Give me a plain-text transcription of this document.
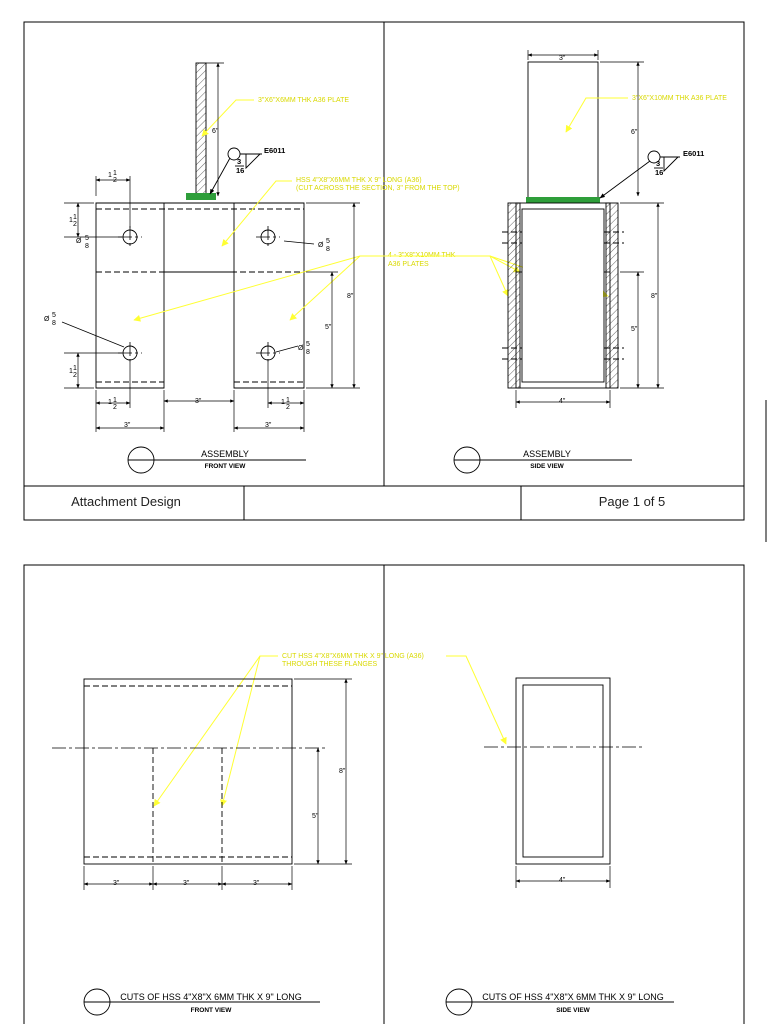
Attachment Design	Page 1 of 5
Ø 5
8	Ø
5
8
Ø
5
8
Ø
5
8
E6011
3
16
3"X6"X6MM THK A36 PLATE
HSS 4"X8"X6MM THK X 9" LONG (A36)
(CUT ACROSS THE SECTION, 3" FROM THE TOP)
1 1
2
1 1
2
1 1
2
8"
5"
6"
1 1
2
3"	1 1
2
3"	3"
ASSEMBLY
FRONT VIEW
4 - 3"X8"X10MM THK
A36 PLATES
E6011
3
16
3"X6"X10MM THK A36 PLATE
3"
6"
8"
5"
4"
ASSEMBLY
SIDE VIEW
CUT HSS 4"X8"X6MM THK X 9" LONG (A36)
THROUGH THESE FLANGES
8"
5"
3"	3"	3"
CUTS OF HSS 4"X8"X 6MM THK X 9" LONG
FRONT VIEW
4"
CUTS OF HSS 4"X8"X 6MM THK X 9" LONG
SIDE VIEW
